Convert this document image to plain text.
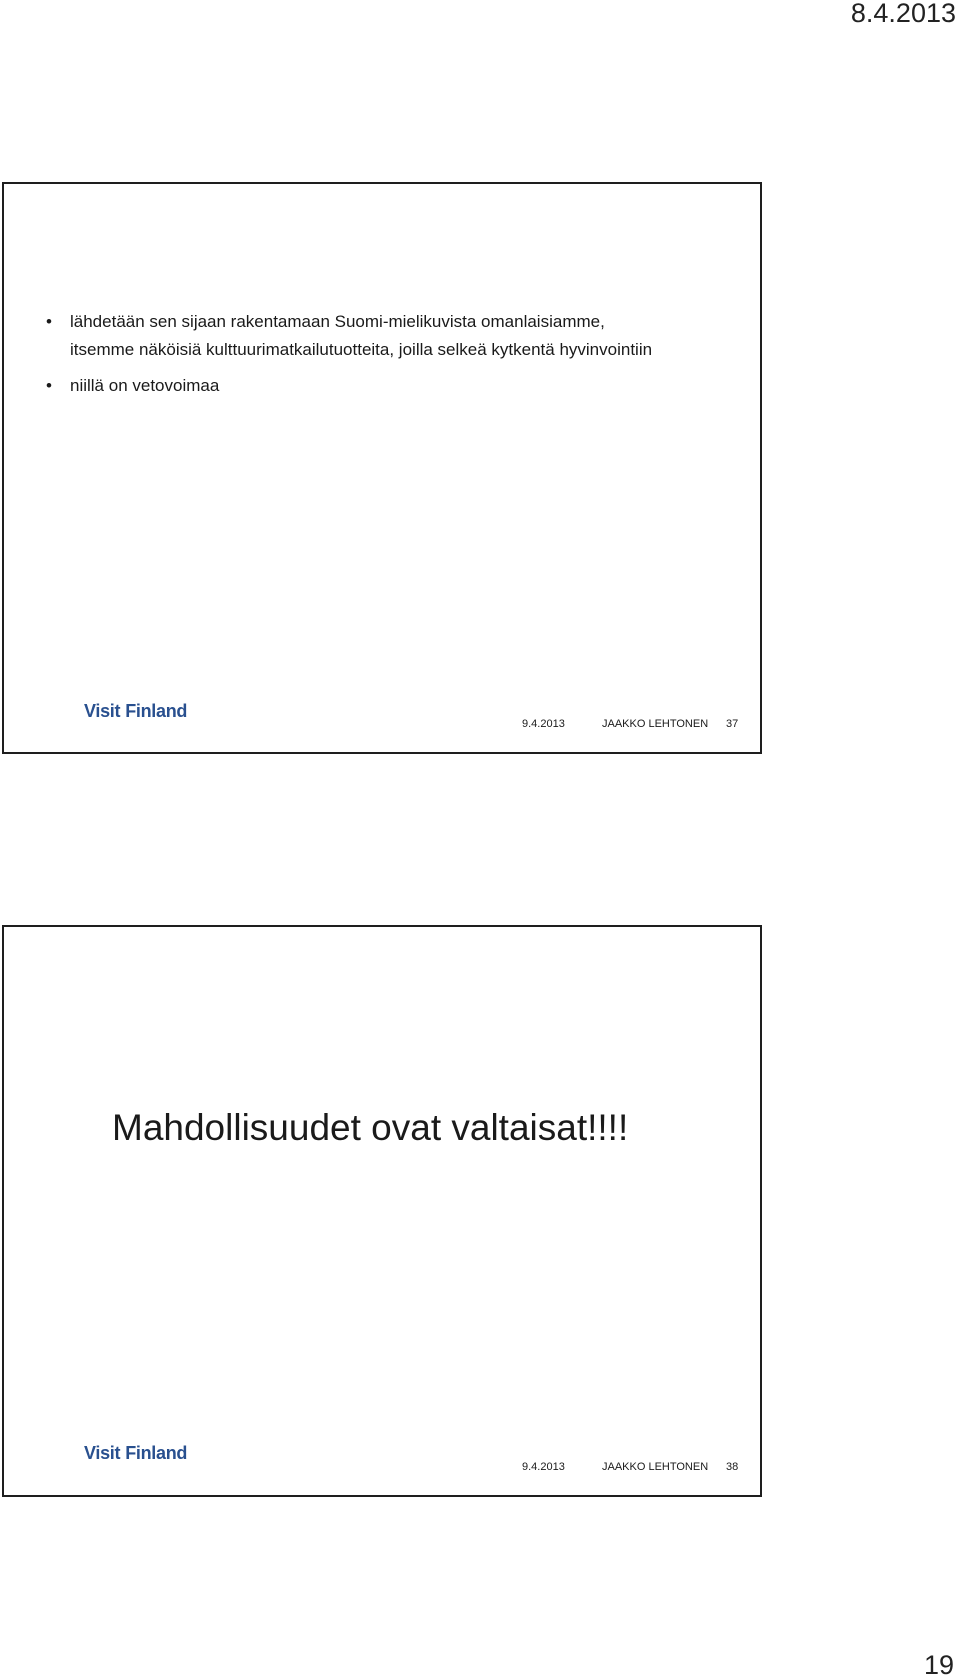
8.4.2013
• lähdetään sen sijaan rakentamaan Suomi-mielikuvista omanlaisiamme,
itsemme näköisiä kulttuurimatkailutuotteita, joilla selkeä kytkentä hyvinvointiin
• niillä on vetovoimaa
Visit Finland
9.4.2013	JAAKKO LEHTONEN 37
Mahdollisuudet ovat valtaisat!!!!
Visit Finland
9.4.2013	JAAKKO LEHTONEN 38
19
